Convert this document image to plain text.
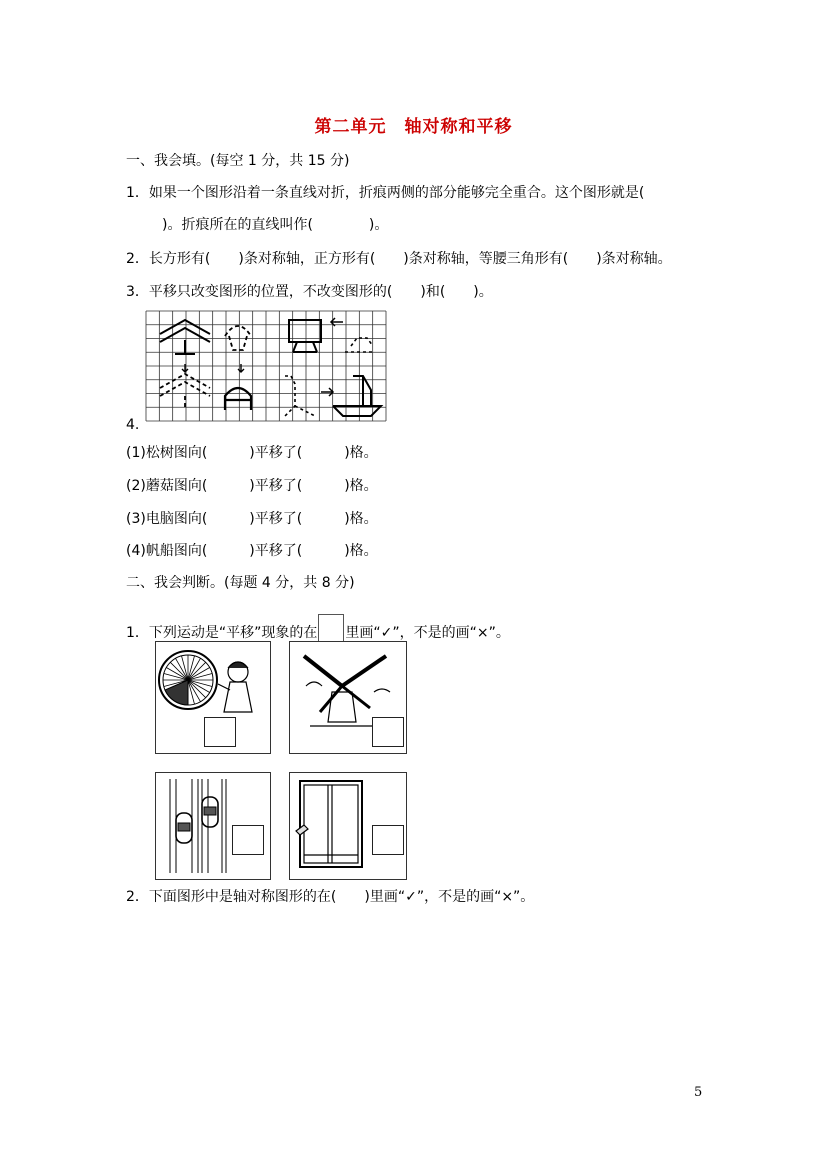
第二单元　轴对称和平移
一、我会填。(每空 1 分，共 15 分)
1．如果一个图形沿着一条直线对折，折痕两侧的部分能够完全重合。这个图形就是(
　)。折痕所在的直线叫作(　　　　)。
2．长方形有(　　)条对称轴，正方形有(　　)条对称轴，等腰三角形有(　　)条对称轴。
3．平移只改变图形的位置，不改变图形的(　　)和(　　)。
4.
(1)松树图向(　　　)平移了(　　　)格。
(2)蘑菇图向(　　　)平移了(　　　)格。
(3)电脑图向(　　　)平移了(　　　)格。
(4)帆船图向(　　　)平移了(　　　)格。
二、我会判断。(每题 4 分，共 8 分)
1．下列运动是“平移”现象的在 里画“✓”，不是的画“×”。
2．下面图形中是轴对称图形的在(　　)里画“✓”，不是的画“×”。
5
